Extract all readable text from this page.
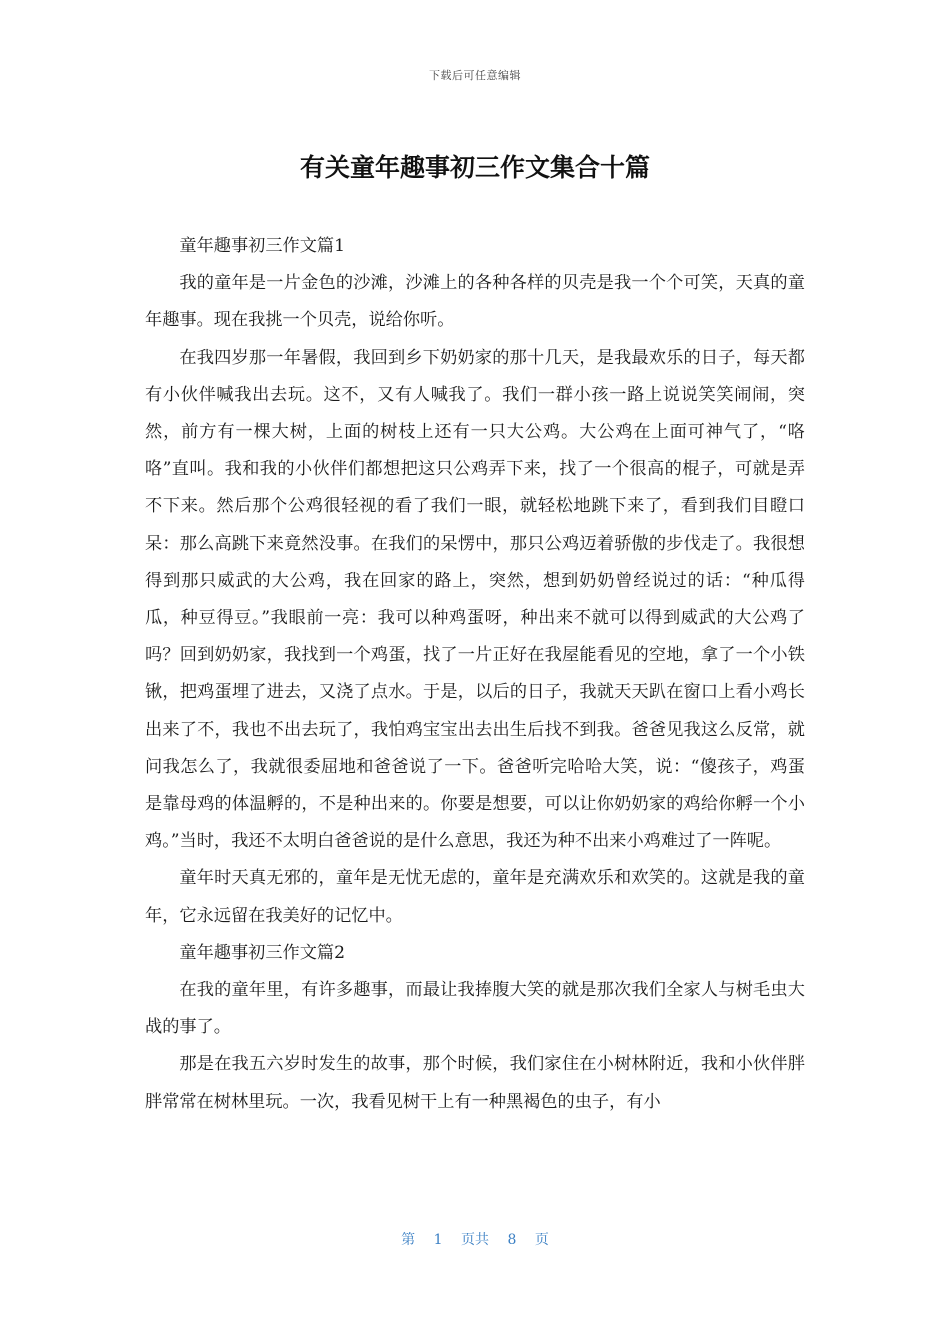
下载后可任意编辑
有关童年趣事初三作文集合十篇

童年趣事初三作文篇1

我的童年是一片金色的沙滩，沙滩上的各种各样的贝壳是我一个个可笑，天真的童年趣事。现在我挑一个贝壳，说给你听。

在我四岁那一年暑假，我回到乡下奶奶家的那十几天，是我最欢乐的日子，每天都有小伙伴喊我出去玩。这不，又有人喊我了。我们一群小孩一路上说说笑笑闹闹，突然，前方有一棵大树，上面的树枝上还有一只大公鸡。大公鸡在上面可神气了，“咯咯”直叫。我和我的小伙伴们都想把这只公鸡弄下来，找了一个很高的棍子，可就是弄不下来。然后那个公鸡很轻视的看了我们一眼，就轻松地跳下来了，看到我们目瞪口呆：那么高跳下来竟然没事。在我们的呆愣中，那只公鸡迈着骄傲的步伐走了。我很想得到那只威武的大公鸡，我在回家的路上，突然，想到奶奶曾经说过的话：“种瓜得瓜，种豆得豆。”我眼前一亮：我可以种鸡蛋呀，种出来不就可以得到威武的大公鸡了吗？回到奶奶家，我找到一个鸡蛋，找了一片正好在我屋能看见的空地，拿了一个小铁锹，把鸡蛋埋了进去，又浇了点水。于是，以后的日子，我就天天趴在窗口上看小鸡长出来了不，我也不出去玩了，我怕鸡宝宝出去出生后找不到我。爸爸见我这么反常，就问我怎么了，我就很委屈地和爸爸说了一下。爸爸听完哈哈大笑，说：“傻孩子，鸡蛋是靠母鸡的体温孵的，不是种出来的。你要是想要，可以让你奶奶家的鸡给你孵一个小鸡。”当时，我还不太明白爸爸说的是什么意思，我还为种不出来小鸡难过了一阵呢。

童年时天真无邪的，童年是无忧无虑的，童年是充满欢乐和欢笑的。这就是我的童年，它永远留在我美好的记忆中。

童年趣事初三作文篇2

在我的童年里，有许多趣事，而最让我捧腹大笑的就是那次我们全家人与树毛虫大战的事了。

那是在我五六岁时发生的故事，那个时候，我们家住在小树林附近，我和小伙伴胖胖常常在树林里玩。一次，我看见树干上有一种黑褐色的虫子，有小

第 1 页共 8 页
